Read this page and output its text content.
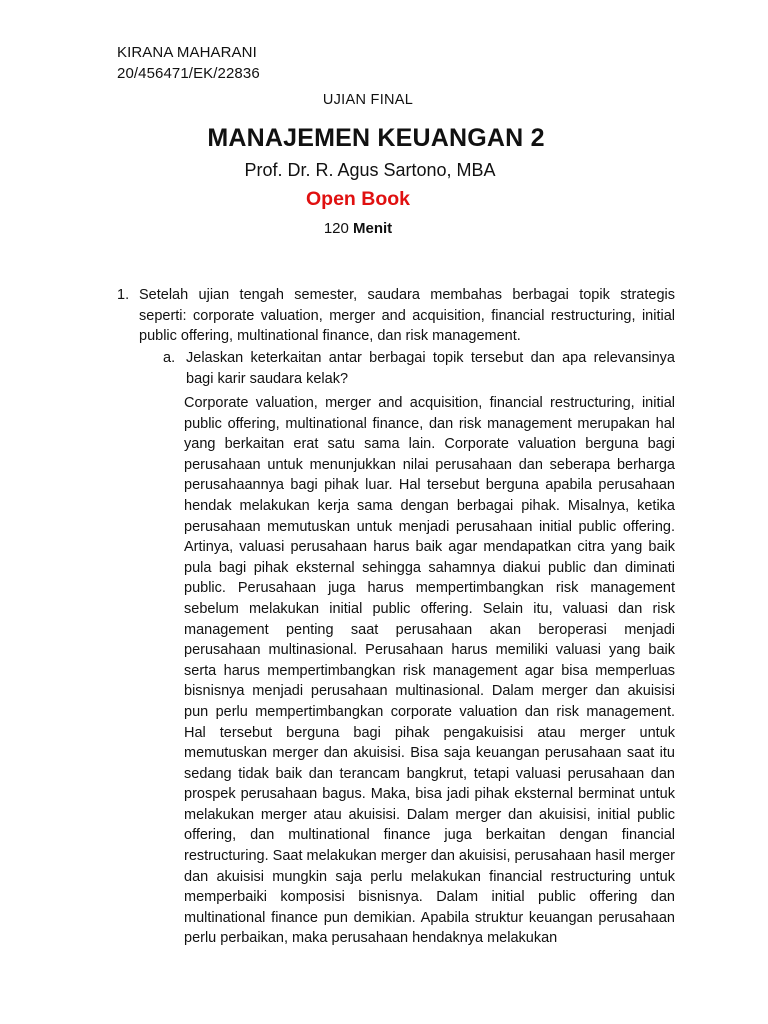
KIRANA MAHARANI
20/456471/EK/22836
UJIAN FINAL
MANAJEMEN KEUANGAN 2
Prof. Dr. R. Agus Sartono, MBA
Open Book
120 Menit
1. Setelah ujian tengah semester, saudara membahas berbagai topik strategis seperti: corporate valuation, merger and acquisition, financial restructuring, initial public offering, multinational finance, dan risk management.
a. Jelaskan keterkaitan antar berbagai topik tersebut dan apa relevansinya bagi karir saudara kelak?
Corporate valuation, merger and acquisition, financial restructuring, initial public offering, multinational finance, dan risk management merupakan hal yang berkaitan erat satu sama lain. Corporate valuation berguna bagi perusahaan untuk menunjukkan nilai perusahaan dan seberapa berharga perusahaannya bagi pihak luar. Hal tersebut berguna apabila perusahaan hendak melakukan kerja sama dengan berbagai pihak. Misalnya, ketika perusahaan memutuskan untuk menjadi perusahaan initial public offering. Artinya, valuasi perusahaan harus baik agar mendapatkan citra yang baik pula bagi pihak eksternal sehingga sahamnya diakui public dan diminati public. Perusahaan juga harus mempertimbangkan risk management sebelum melakukan initial public offering. Selain itu, valuasi dan risk management penting saat perusahaan akan beroperasi menjadi perusahaan multinasional. Perusahaan harus memiliki valuasi yang baik serta harus mempertimbangkan risk management agar bisa memperluas bisnisnya menjadi perusahaan multinasional. Dalam merger dan akuisisi pun perlu mempertimbangkan corporate valuation dan risk management. Hal tersebut berguna bagi pihak pengakuisisi atau merger untuk memutuskan merger dan akuisisi. Bisa saja keuangan perusahaan saat itu sedang tidak baik dan terancam bangkrut, tetapi valuasi perusahaan dan prospek perusahaan bagus. Maka, bisa jadi pihak eksternal berminat untuk melakukan merger atau akuisisi. Dalam merger dan akuisisi, initial public offering, dan multinational finance juga berkaitan dengan financial restructuring. Saat melakukan merger dan akuisisi, perusahaan hasil merger dan akuisisi mungkin saja perlu melakukan financial restructuring untuk memperbaiki komposisi bisnisnya. Dalam initial public offering dan multinational finance pun demikian. Apabila struktur keuangan perusahaan perlu perbaikan, maka perusahaan hendaknya melakukan
